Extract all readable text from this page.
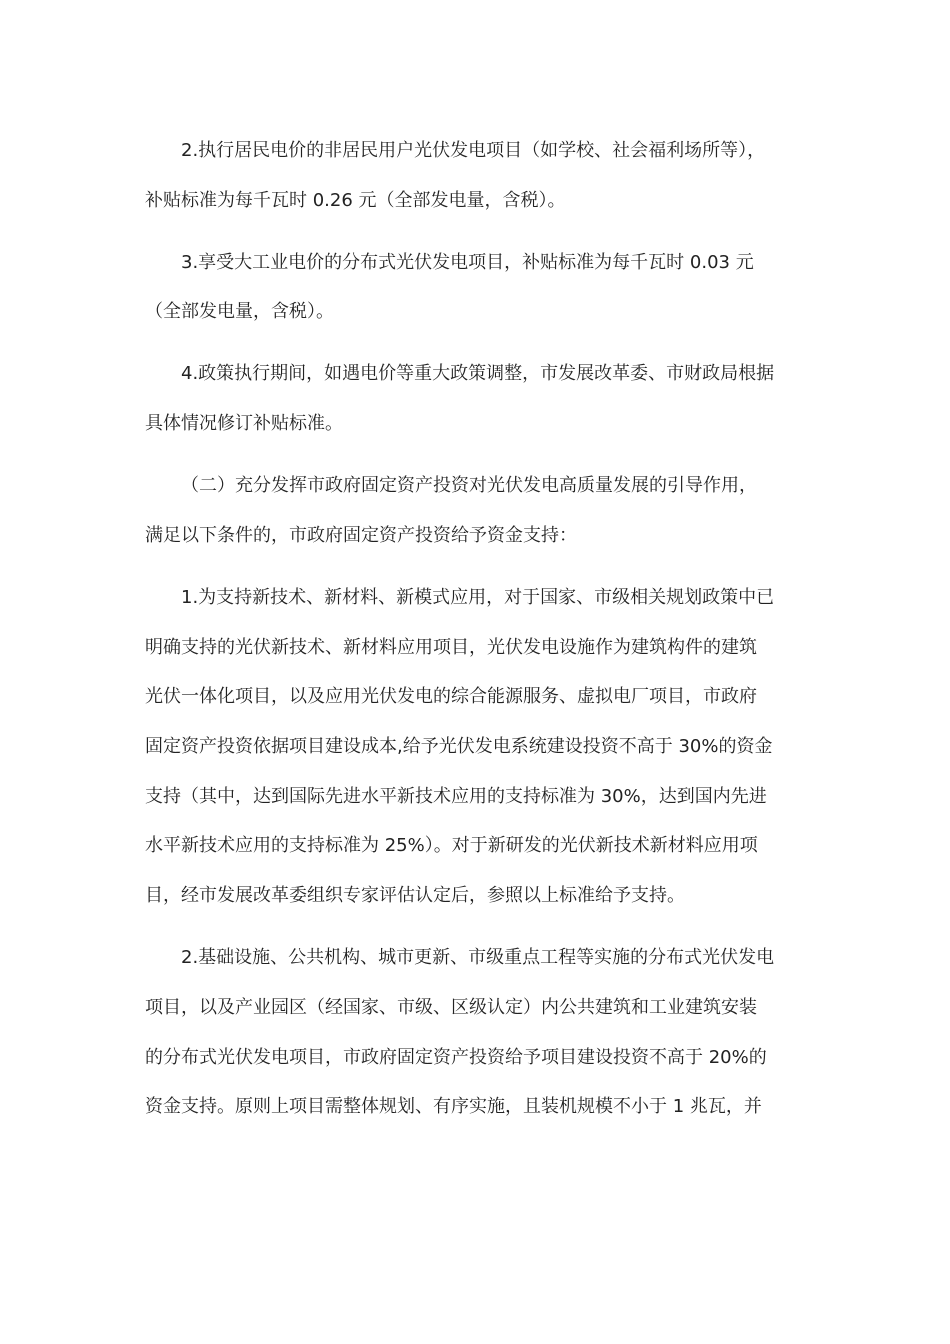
2.执行居民电价的非居民用户光伏发电项目（如学校、社会福利场所等），
补贴标准为每千瓦时 0.26 元（全部发电量，含税）。
3.享受大工业电价的分布式光伏发电项目，补贴标准为每千瓦时 0.03 元
（全部发电量，含税）。
4.政策执行期间，如遇电价等重大政策调整，市发展改革委、市财政局根据
具体情况修订补贴标准。
（二）充分发挥市政府固定资产投资对光伏发电高质量发展的引导作用，
满足以下条件的，市政府固定资产投资给予资金支持：
1.为支持新技术、新材料、新模式应用，对于国家、市级相关规划政策中已
明确支持的光伏新技术、新材料应用项目，光伏发电设施作为建筑构件的建筑
光伏一体化项目，以及应用光伏发电的综合能源服务、虚拟电厂项目，市政府
固定资产投资依据项目建设成本,给予光伏发电系统建设投资不高于 30%的资金
支持（其中，达到国际先进水平新技术应用的支持标准为 30%，达到国内先进
水平新技术应用的支持标准为 25%）。对于新研发的光伏新技术新材料应用项
目，经市发展改革委组织专家评估认定后，参照以上标准给予支持。
2.基础设施、公共机构、城市更新、市级重点工程等实施的分布式光伏发电
项目，以及产业园区（经国家、市级、区级认定）内公共建筑和工业建筑安装
的分布式光伏发电项目，市政府固定资产投资给予项目建设投资不高于 20%的
资金支持。原则上项目需整体规划、有序实施，且装机规模不小于 1 兆瓦，并
